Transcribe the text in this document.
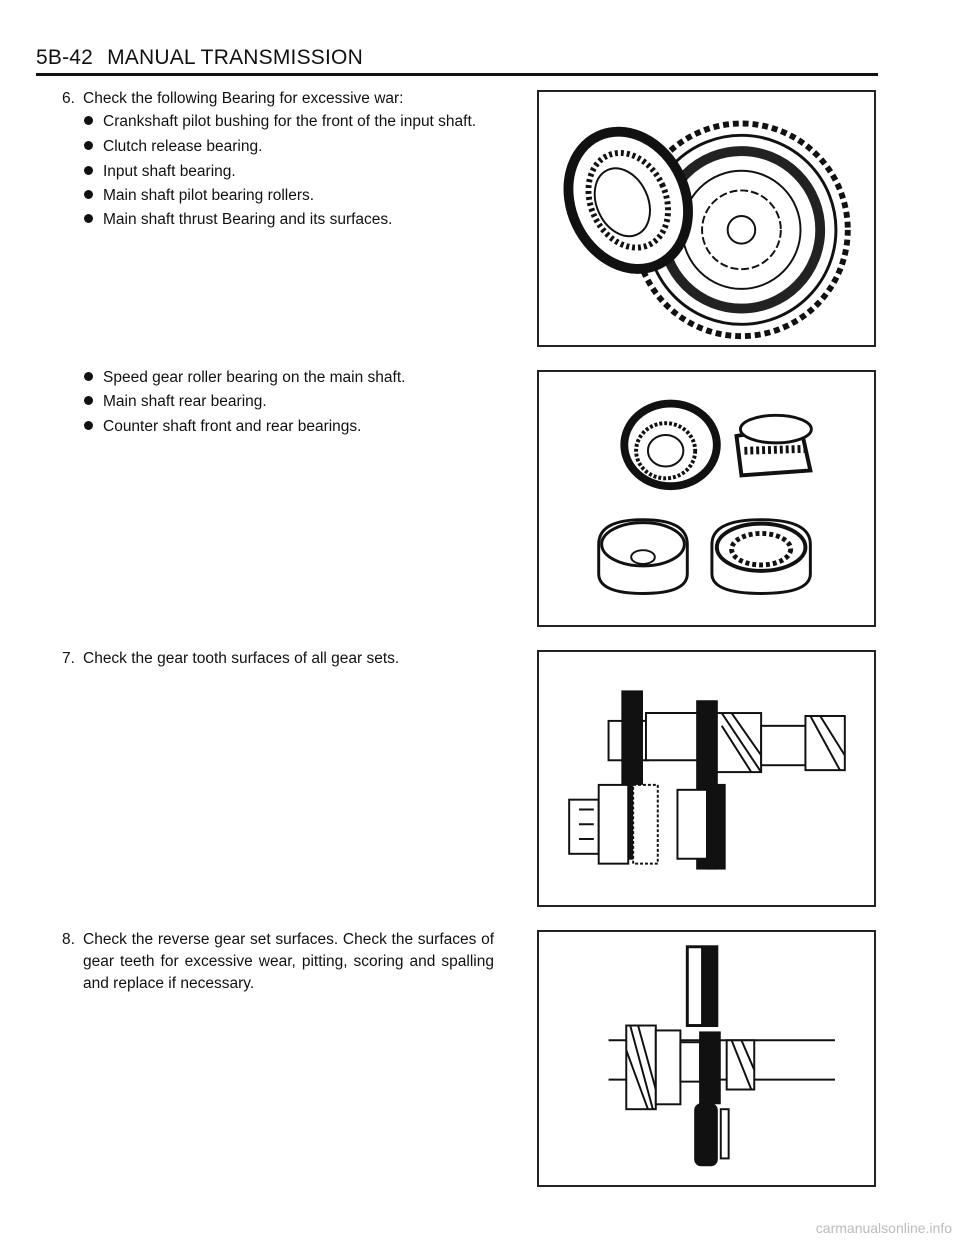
5B-42 MANUAL TRANSMISSION
6. Check the following Bearing for excessive war:
Crankshaft pilot bushing for the front of the input shaft.
Clutch release bearing.
Input shaft bearing.
Main shaft pilot bearing rollers.
Main shaft thrust Bearing and its surfaces.
Speed gear roller bearing on the main shaft.
Main shaft rear bearing.
Counter shaft front and rear bearings.
7. Check the gear tooth surfaces of all gear sets.
8. Check the reverse gear set surfaces. Check the surfaces of gear teeth for excessive wear, pitting, scoring and spalling and replace if necessary.
carmanualsonline.info
